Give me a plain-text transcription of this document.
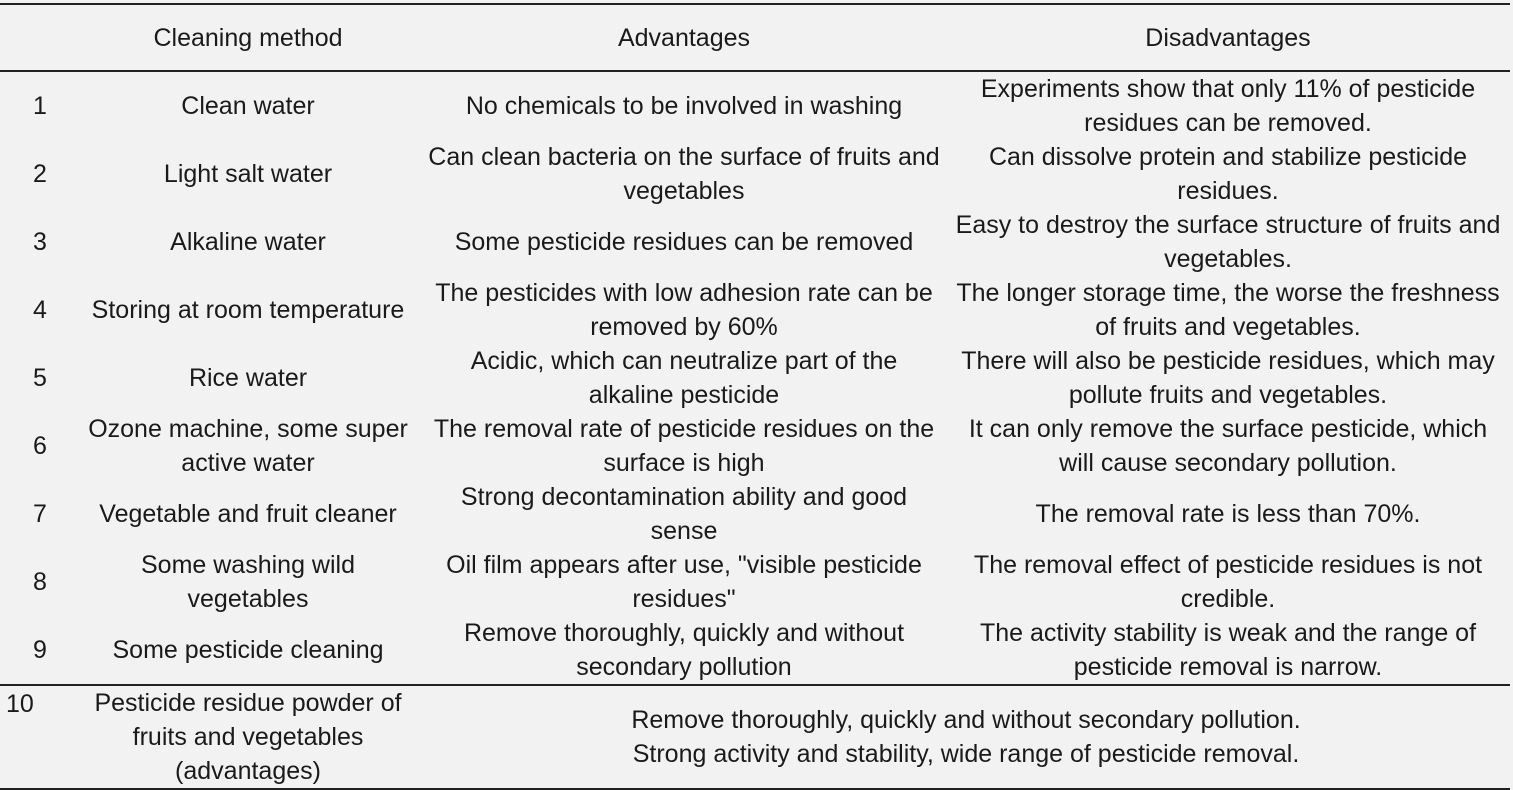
	Cleaning method	Advantages	Disadvantages
1	Clean water	No chemicals to be involved in washing	Experiments show that only 11% of pesticide residues can be removed.
2	Light salt water	Can clean bacteria on the surface of fruits and vegetables	Can dissolve protein and stabilize pesticide residues.
3	Alkaline water	Some pesticide residues can be removed	Easy to destroy the surface structure of fruits and vegetables.
4	Storing at room temperature	The pesticides with low adhesion rate can be removed by 60%	The longer storage time, the worse the freshness of fruits and vegetables.
5	Rice water	Acidic, which can neutralize part of the alkaline pesticide	There will also be pesticide residues, which may pollute fruits and vegetables.
6	Ozone machine, some super active water	The removal rate of pesticide residues on the surface is high	It can only remove the surface pesticide, which will cause secondary pollution.
7	Vegetable and fruit cleaner	Strong decontamination ability and good sense	The removal rate is less than 70%.
8	Some washing wild vegetables	Oil film appears after use, "visible pesticide residues"	The removal effect of pesticide residues is not credible.
9	Some pesticide cleaning	Remove thoroughly, quickly and without secondary pollution	The activity stability is weak and the range of pesticide removal is narrow.
10	Pesticide residue powder of fruits and vegetables (advantages)	Remove thoroughly, quickly and without secondary pollution.
Strong activity and stability, wide range of pesticide removal.	
